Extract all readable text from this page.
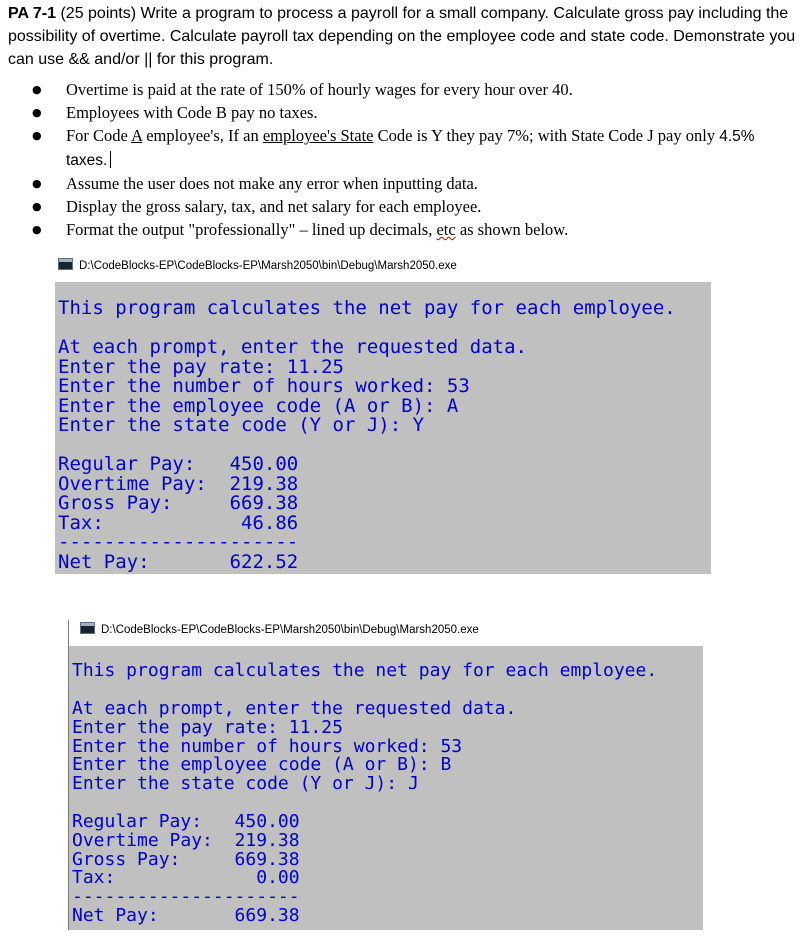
PA 7-1 (25 points) Write a program to process a payroll for a small company. Calculate gross pay including the possibility of overtime. Calculate payroll tax depending on the employee code and state code. Demonstrate you can use && and/or || for this program.
● Overtime is paid at the rate of 150% of hourly wages for every hour over 40.
● Employees with Code B pay no taxes.
● For Code A employee's, If an employee's State Code is Y they pay 7%; with State Code J pay only 4.5% taxes.
● Assume the user does not make any error when inputting data.
● Display the gross salary, tax, and net salary for each employee.
● Format the output "professionally" – lined up decimals, etc as shown below.
D:\CodeBlocks-EP\CodeBlocks-EP\Marsh2050\bin\Debug\Marsh2050.exe
This program calculates the net pay for each employee.
At each prompt, enter the requested data.
Enter the pay rate: 11.25
Enter the number of hours worked: 53
Enter the employee code (A or B): A
Enter the state code (Y or J): Y
Regular Pay:   450.00
Overtime Pay:  219.38
Gross Pay:     669.38
Tax:            46.86
---------------------
Net Pay:       622.52
D:\CodeBlocks-EP\CodeBlocks-EP\Marsh2050\bin\Debug\Marsh2050.exe
This program calculates the net pay for each employee.
At each prompt, enter the requested data.
Enter the pay rate: 11.25
Enter the number of hours worked: 53
Enter the employee code (A or B): B
Enter the state code (Y or J): J
Regular Pay:   450.00
Overtime Pay:  219.38
Gross Pay:     669.38
Tax:             0.00
---------------------
Net Pay:       669.38
